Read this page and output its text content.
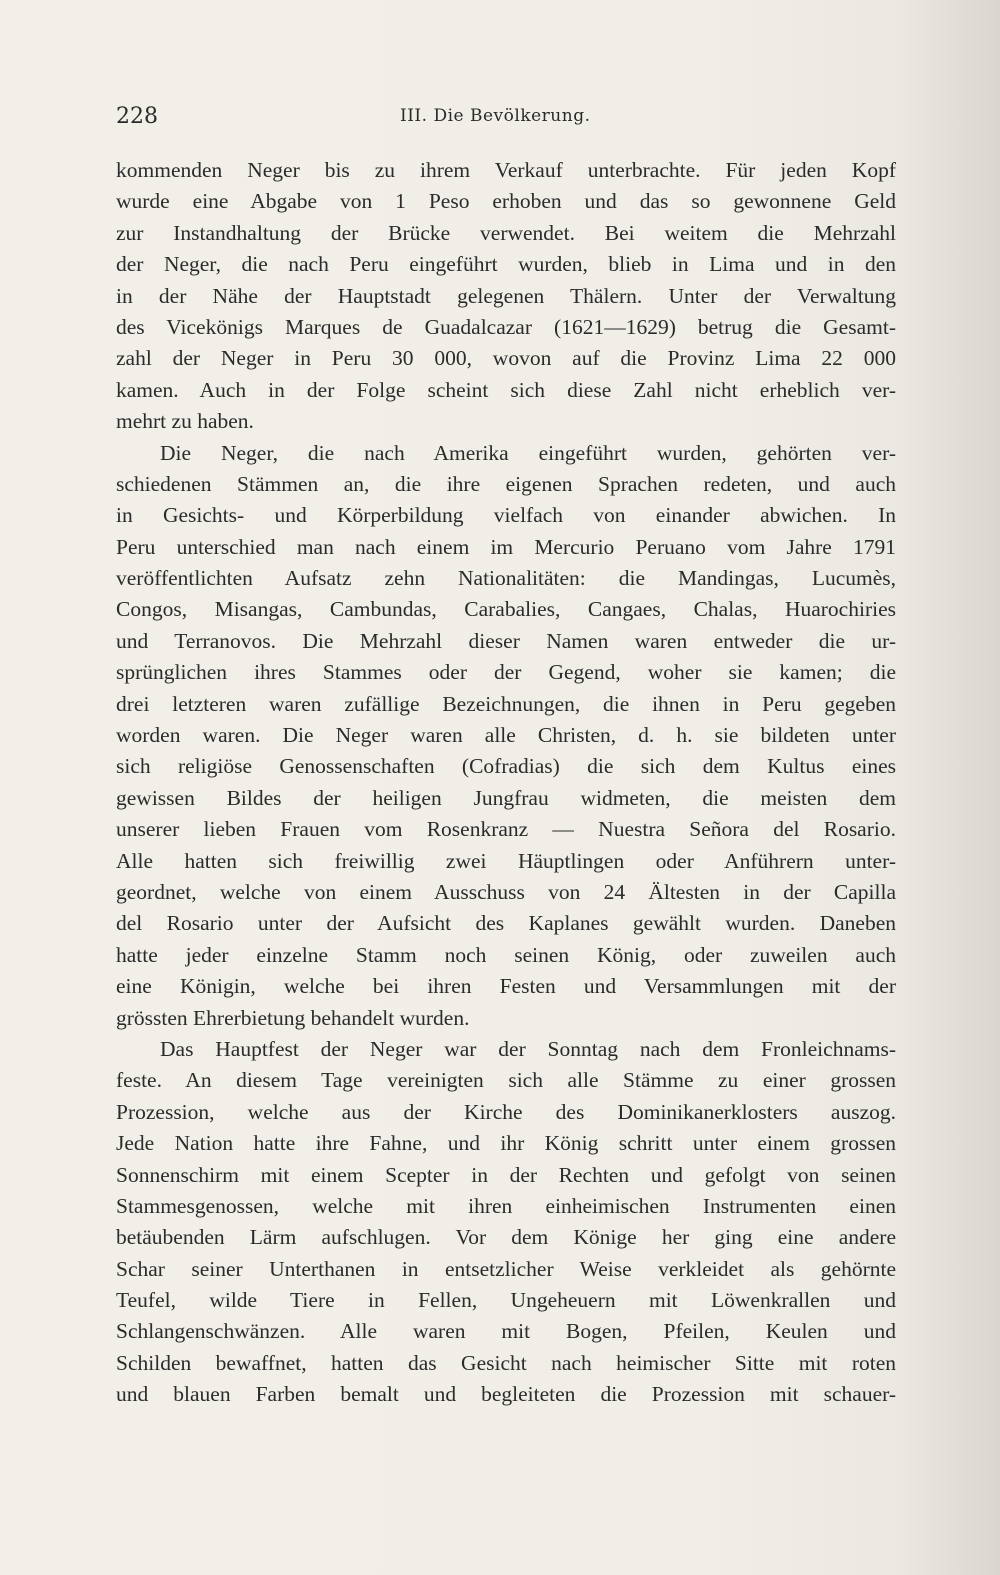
228	III. Die Bevölkerung.
kommenden Neger bis zu ihrem Verkauf unterbrachte. Für jeden Kopf
wurde eine Abgabe von 1 Peso erhoben und das so gewonnene Geld
zur Instandhaltung der Brücke verwendet. Bei weitem die Mehrzahl
der Neger, die nach Peru eingeführt wurden, blieb in Lima und in den
in der Nähe der Hauptstadt gelegenen Thälern. Unter der Verwaltung
des Vicekönigs Marques de Guadalcazar (1621—1629) betrug die Gesamt-
zahl der Neger in Peru 30 000, wovon auf die Provinz Lima 22 000
kamen. Auch in der Folge scheint sich diese Zahl nicht erheblich ver-
mehrt zu haben.
Die Neger, die nach Amerika eingeführt wurden, gehörten ver-
schiedenen Stämmen an, die ihre eigenen Sprachen redeten, und auch
in Gesichts- und Körperbildung vielfach von einander abwichen. In
Peru unterschied man nach einem im Mercurio Peruano vom Jahre 1791
veröffentlichten Aufsatz zehn Nationalitäten: die Mandingas, Lucumès,
Congos, Misangas, Cambundas, Carabalies, Cangaes, Chalas, Huarochiries
und Terranovos. Die Mehrzahl dieser Namen waren entweder die ur-
sprünglichen ihres Stammes oder der Gegend, woher sie kamen; die
drei letzteren waren zufällige Bezeichnungen, die ihnen in Peru gegeben
worden waren. Die Neger waren alle Christen, d. h. sie bildeten unter
sich religiöse Genossenschaften (Cofradias) die sich dem Kultus eines
gewissen Bildes der heiligen Jungfrau widmeten, die meisten dem
unserer lieben Frauen vom Rosenkranz — Nuestra Señora del Rosario.
Alle hatten sich freiwillig zwei Häuptlingen oder Anführern unter-
geordnet, welche von einem Ausschuss von 24 Ältesten in der Capilla
del Rosario unter der Aufsicht des Kaplanes gewählt wurden. Daneben
hatte jeder einzelne Stamm noch seinen König, oder zuweilen auch
eine Königin, welche bei ihren Festen und Versammlungen mit der
grössten Ehrerbietung behandelt wurden.
Das Hauptfest der Neger war der Sonntag nach dem Fronleichnams-
feste. An diesem Tage vereinigten sich alle Stämme zu einer grossen
Prozession, welche aus der Kirche des Dominikanerklosters auszog.
Jede Nation hatte ihre Fahne, und ihr König schritt unter einem grossen
Sonnenschirm mit einem Scepter in der Rechten und gefolgt von seinen
Stammesgenossen, welche mit ihren einheimischen Instrumenten einen
betäubenden Lärm aufschlugen. Vor dem Könige her ging eine andere
Schar seiner Unterthanen in entsetzlicher Weise verkleidet als gehörnte
Teufel, wilde Tiere in Fellen, Ungeheuern mit Löwenkrallen und
Schlangenschwänzen. Alle waren mit Bogen, Pfeilen, Keulen und
Schilden bewaffnet, hatten das Gesicht nach heimischer Sitte mit roten
und blauen Farben bemalt und begleiteten die Prozession mit schauer-
